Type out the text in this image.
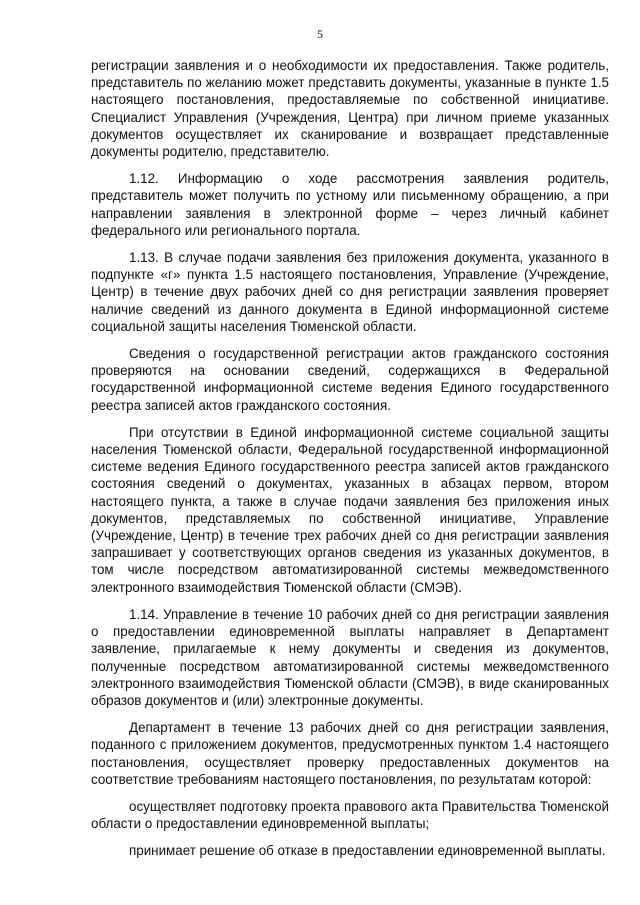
5

регистрации заявления и о необходимости их предоставления. Также родитель, представитель по желанию может представить документы, указанные в пункте 1.5 настоящего постановления, предоставляемые по собственной инициативе. Специалист Управления (Учреждения, Центра) при личном приеме указанных документов осуществляет их сканирование и возвращает представленные документы родителю, представителю.

1.12. Информацию о ходе рассмотрения заявления родитель, представитель может получить по устному или письменному обращению, а при направлении заявления в электронной форме – через личный кабинет федерального или регионального портала.

1.13. В случае подачи заявления без приложения документа, указанного в подпункте «г» пункта 1.5 настоящего постановления, Управление (Учреждение, Центр) в течение двух рабочих дней со дня регистрации заявления проверяет наличие сведений из данного документа в Единой информационной системе социальной защиты населения Тюменской области.

Сведения о государственной регистрации актов гражданского состояния проверяются на основании сведений, содержащихся в Федеральной государственной информационной системе ведения Единого государственного реестра записей актов гражданского состояния.

При отсутствии в Единой информационной системе социальной защиты населения Тюменской области, Федеральной государственной информационной системе ведения Единого государственного реестра записей актов гражданского состояния сведений о документах, указанных в абзацах первом, втором настоящего пункта, а также в случае подачи заявления без приложения иных документов, представляемых по собственной инициативе, Управление (Учреждение, Центр) в течение трех рабочих дней со дня регистрации заявления запрашивает у соответствующих органов сведения из указанных документов, в том числе посредством автоматизированной системы межведомственного электронного взаимодействия Тюменской области (СМЭВ).

1.14. Управление в течение 10 рабочих дней со дня регистрации заявления о предоставлении единовременной выплаты направляет в Департамент заявление, прилагаемые к нему документы и сведения из документов, полученные посредством автоматизированной системы межведомственного электронного взаимодействия Тюменской области (СМЭВ), в виде сканированных образов документов и (или) электронные документы.

Департамент в течение 13 рабочих дней со дня регистрации заявления, поданного с приложением документов, предусмотренных пунктом 1.4 настоящего постановления, осуществляет проверку предоставленных документов на соответствие требованиям настоящего постановления, по результатам которой:

осуществляет подготовку проекта правового акта Правительства Тюменской области о предоставлении единовременной выплаты;

принимает решение об отказе в предоставлении единовременной выплаты.
